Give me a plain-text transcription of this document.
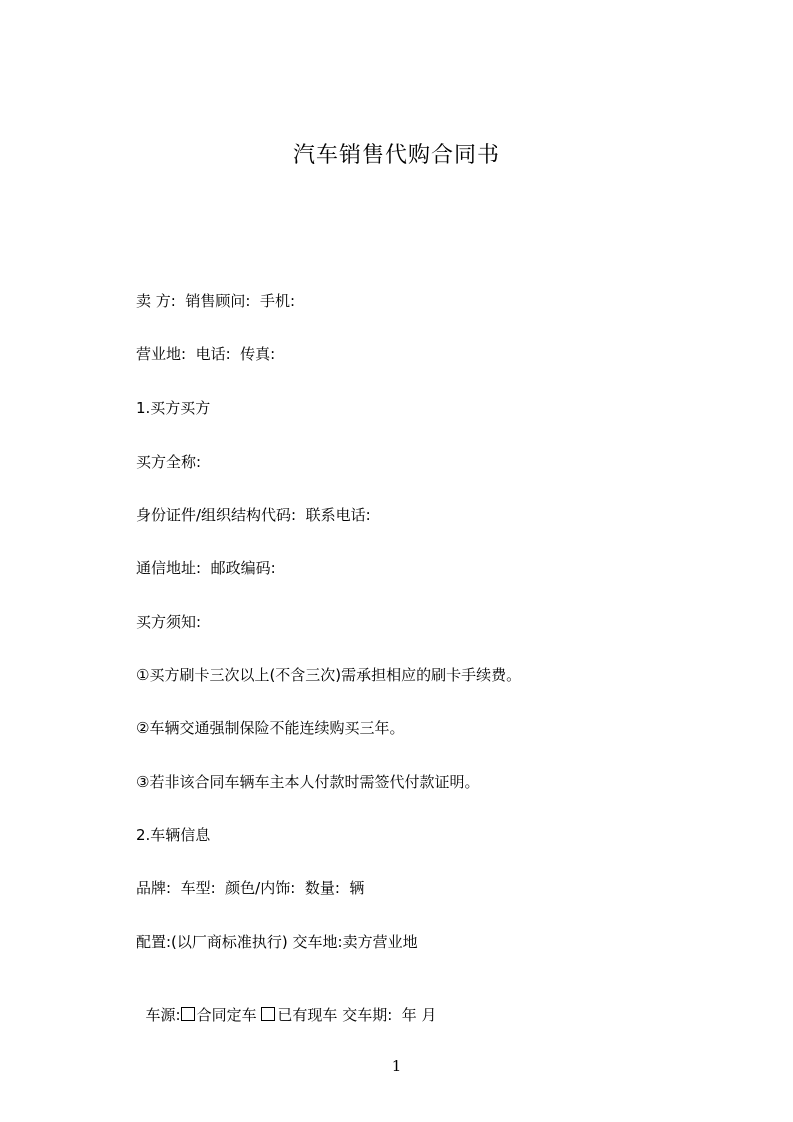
汽车销售代购合同书
卖 方:  销售顾问:  手机:
营业地:  电话:  传真:
1.买方买方
买方全称:
身份证件/组织结构代码:  联系电话:
通信地址:  邮政编码:
买方须知:
①买方刷卡三次以上(不含三次)需承担相应的刷卡手续费。
②车辆交通强制保险不能连续购买三年。
③若非该合同车辆车主本人付款时需签代付款证明。
2.车辆信息
品牌:  车型:  颜色/内饰:  数量:  辆
配置:(以厂商标准执行) 交车地:卖方营业地

车源: 合同定车 已有现车 交车期:  年 月

1
